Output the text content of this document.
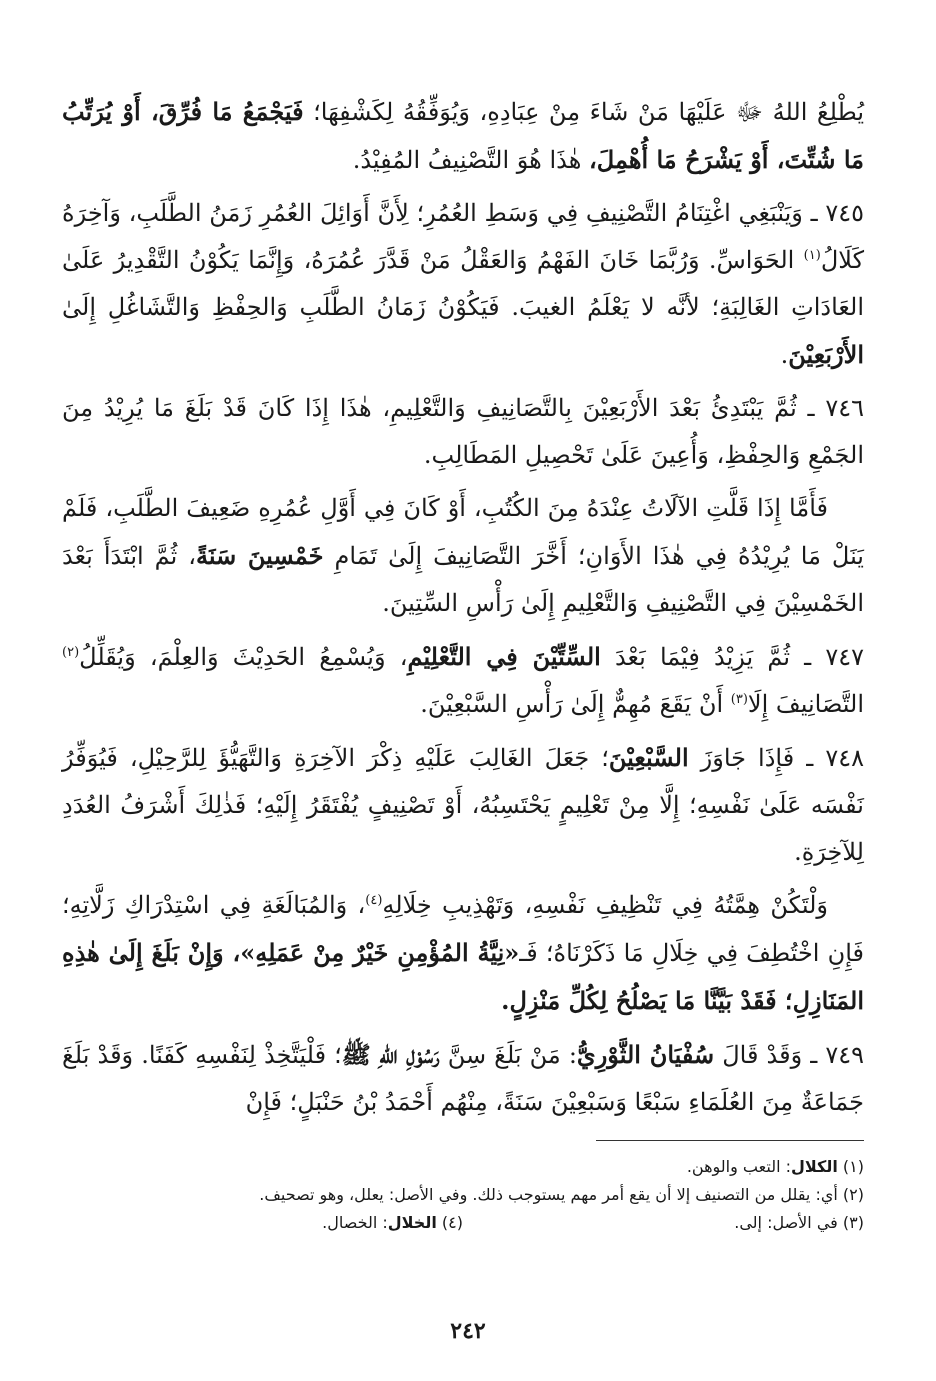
يُطْلِعُ اللهُ ﷻ عَلَيْهَا مَنْ شَاءَ مِنْ عِبَادِهِ، وَيُوَفِّقُهُ لِكَشْفِهَا؛ فَيَجْمَعُ مَا فُرِّقَ، أَوْ يُرَتِّبُ مَا شُتِّتَ، أَوْ يَشْرَحُ مَا أُهْمِلَ، هٰذَا هُوَ التَّصْنِيفُ المُفِيْدُ.

٧٤٥ ـ وَيَنْبَغِي اغْتِنَامُ التَّصْنِيفِ فِي وَسَطِ العُمُرِ؛ لِأَنَّ أَوَائِلَ العُمُرِ زَمَنُ الطَّلَبِ، وَآخِرَهُ كَلَالُ$^{(١)}$ الحَوَاسِّ. وَرُبَّمَا خَانَ الفَهْمُ وَالعَقْلُ مَنْ قَدَّرَ عُمُرَهُ، وَإِنَّمَا يَكُوْنُ التَّقْدِيرُ عَلَىٰ العَادَاتِ الغَالِبَةِ؛ لأنَّه لا يَعْلَمُ الغيبَ. فَيَكُوْنُ زَمَانُ الطَّلَبِ وَالحِفْظِ وَالتَّشَاغُلِ إِلَىٰ الأَرْبَعِيْنَ.

٧٤٦ ـ ثُمَّ يَبْتَدِئُ بَعْدَ الأَرْبَعِيْنَ بِالتَّصَانِيفِ وَالتَّعْلِيمِ، هٰذَا إِذَا كَانَ قَدْ بَلَغَ مَا يُرِيْدُ مِنَ الجَمْعِ وَالحِفْظِ، وَأُعِينَ عَلَىٰ تَحْصِيلِ المَطَالِبِ.

فَأَمَّا إِذَا قَلَّتِ الآلَاتُ عِنْدَهُ مِنَ الكُتُبِ، أَوْ كَانَ فِي أَوَّلِ عُمُرِهِ ضَعِيفَ الطَّلَبِ، فَلَمْ يَنَلْ مَا يُرِيْدُهُ فِي هٰذَا الأَوَانِ؛ أَخَّرَ التَّصَانِيفَ إِلَىٰ تَمَامِ خَمْسِينَ سَنَةً، ثُمَّ ابْتَدَأَ بَعْدَ الخَمْسِيْنَ فِي التَّصْنِيفِ وَالتَّعْلِيمِ إِلَىٰ رَأْسِ السِّتِينَ.

٧٤٧ ـ ثُمَّ يَزِيْدُ فِيْمَا بَعْدَ السِّتِّيْنَ فِي التَّعْلِيْمِ، وَيُسْمِعُ الحَدِيْثَ وَالعِلْمَ، وَيُقَلِّلُ$^{(٢)}$ التَّصَانِيفَ إِلَا$^{(٣)}$ أَنْ يَقَعَ مُهِمٌّ إِلَىٰ رَأْسِ السَّبْعِيْنَ.

٧٤٨ ـ فَإِذَا جَاوَزَ السَّبْعِيْنَ؛ جَعَلَ الغَالِبَ عَلَيْهِ ذِكْرَ الآخِرَةِ وَالتَّهَيُّؤَ لِلرَّحِيْلِ، فَيُوَفِّرُ نَفْسَه عَلَىٰ نَفْسِهِ؛ إِلَّا مِنْ تَعْلِيمٍ يَحْتَسِبُهُ، أَوْ تَصْنِيفٍ يُفْتَقَرُ إِلَيْهِ؛ فَذٰلِكَ أَشْرَفُ العُدَدِ لِلآخِرَةِ.

وَلْتَكُنْ هِمَّتُهُ فِي تَنْظِيفِ نَفْسِهِ، وَتَهْذِيبِ خِلَالِهِ$^{(٤)}$، وَالمُبَالَغَةِ فِي اسْتِدْرَاكِ زَلَّاتِهِ؛ فَإِنِ اخْتُطِفَ فِي خِلَالِ مَا ذَكَرْنَاهُ؛ فَـ«نِيَّةُ المُؤْمِنِ خَيْرٌ مِنْ عَمَلِهِ»، وَإِنْ بَلَغَ إِلَىٰ هٰذِهِ المَنَازِلِ؛ فَقَدْ بَيَّنَّا مَا يَصْلُحُ لِكُلِّ مَنْزِلٍ.

٧٤٩ ـ وَقَدْ قَالَ سُفْيَانُ الثَّوْرِيُّ: مَنْ بَلَغَ سِنَّ رَسُوْلِ اللهِ ﷺ؛ فَلْيَتَّخِذْ لِنَفْسِهِ كَفَنًا. وَقَدْ بَلَغَ جَمَاعَةٌ مِنَ العُلَمَاءِ سَبْعًا وَسَبْعِيْنَ سَنَةً، مِنْهُم أَحْمَدُ بْنُ حَنْبَلٍ؛ فَإِنْ

(١) الكلال: التعب والوهن.
(٢) أي: يقلل من التصنيف إلا أن يقع أمر مهم يستوجب ذلك. وفي الأصل: يعلل، وهو تصحيف.
(٣) في الأصل: إلى.
(٤) الخلال: الخصال.
٢٤٢
